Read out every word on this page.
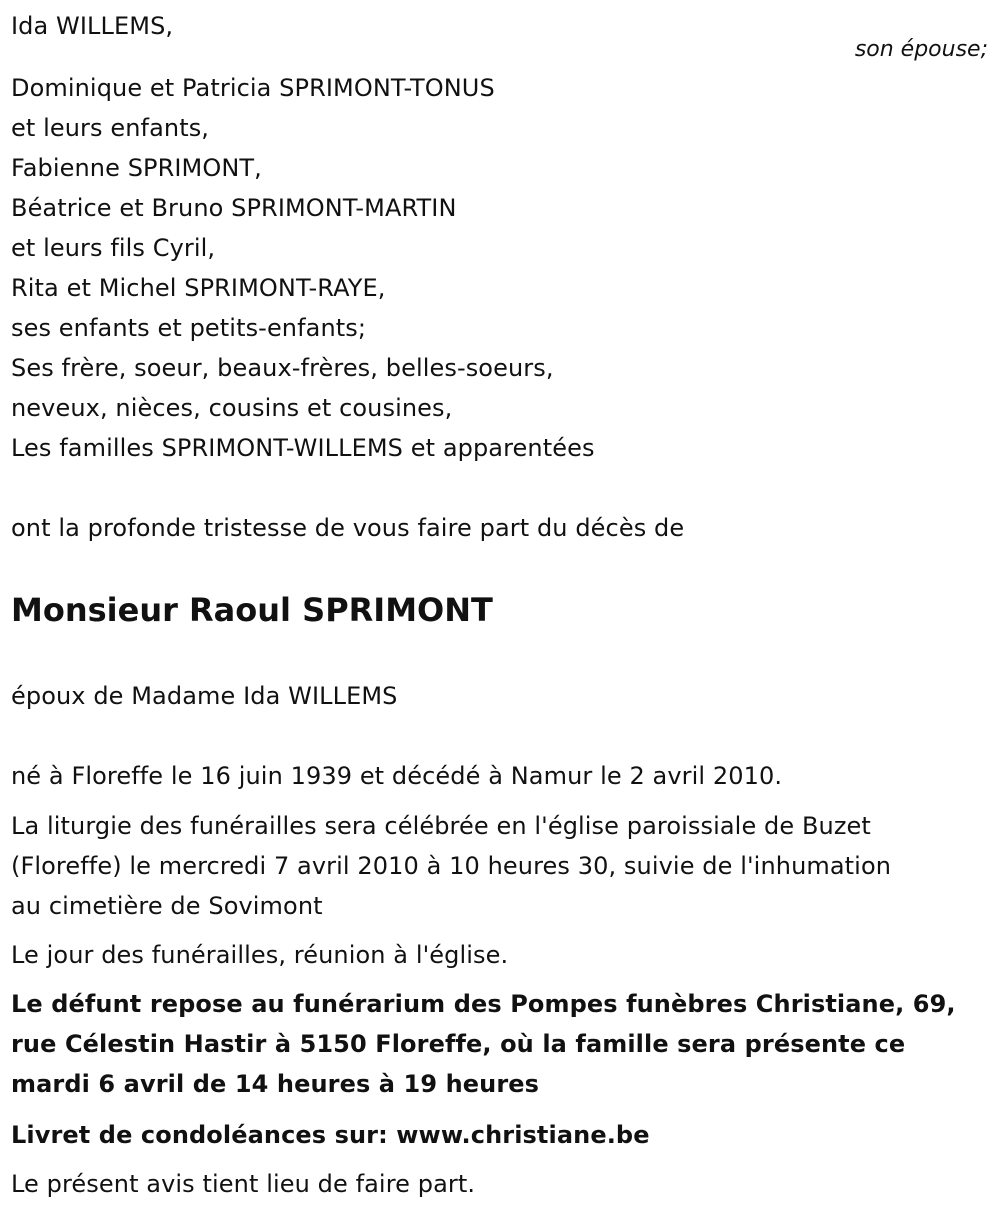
Ida WILLEMS,
son épouse;
Dominique et Patricia SPRIMONT-TONUS
et leurs enfants,
Fabienne SPRIMONT,
Béatrice et Bruno SPRIMONT-MARTIN
et leurs fils Cyril,
Rita et Michel SPRIMONT-RAYE,
ses enfants et petits-enfants;
Ses frère, soeur, beaux-frères, belles-soeurs,
neveux, nièces, cousins et cousines,
Les familles SPRIMONT-WILLEMS et apparentées
ont la profonde tristesse de vous faire part du décès de
Monsieur Raoul SPRIMONT
époux de Madame Ida WILLEMS
né à Floreffe le 16 juin 1939 et décédé à Namur le 2 avril 2010.
La liturgie des funérailles sera célébrée en l'église paroissiale de Buzet
(Floreffe) le mercredi 7 avril 2010 à 10 heures 30, suivie de l'inhumation
au cimetière de Sovimont
Le jour des funérailles, réunion à l'église.
Le défunt repose au funérarium des Pompes funèbres Christiane, 69,
rue Célestin Hastir à 5150 Floreffe, où la famille sera présente ce
mardi 6 avril de 14 heures à 19 heures
Livret de condoléances sur: www.christiane.be
Le présent avis tient lieu de faire part.
